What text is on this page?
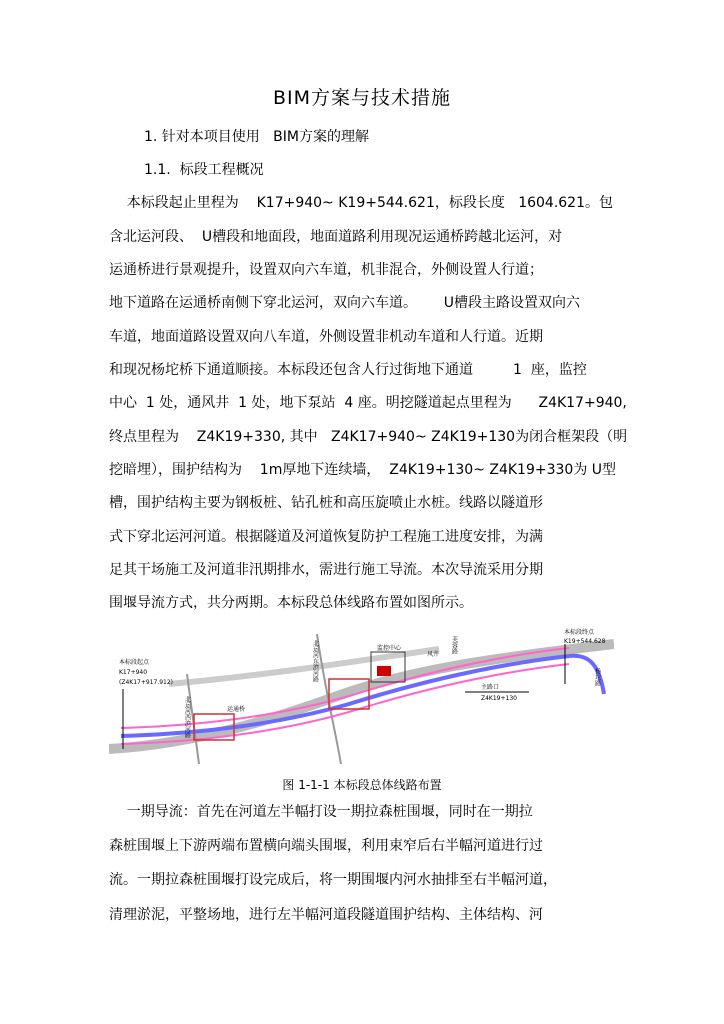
BIM方案与技术措施
1. 针对本项目使用   BIM方案的理解
1.1.  标段工程概况
本标段起止里程为    K17+940~ K19+544.621，标段长度   1604.621。包
含北运河段、  U槽段和地面段，地面道路利用现况运通桥跨越北运河，对
运通桥进行景观提升，设置双向六车道，机非混合，外侧设置人行道；
地下道路在运通桥南侧下穿北运河，双向六车道。      U槽段主路设置双向六
车道，地面道路设置双向八车道，外侧设置非机动车道和人行道。近期
和现况杨坨桥下通道顺接。本标段还包含人行过街地下通道         1  座，监控
中心  1 处，通风井  1 处，地下泵站  4 座。明挖隧道起点里程为      Z4K17+940,
终点里程为    Z4K19+330, 其中   Z4K17+940~ Z4K19+130为闭合框架段（明
挖暗埋），围护结构为    1m厚地下连续墙，  Z4K19+130~ Z4K19+330为 U型
槽，围护结构主要为钢板桩、钻孔桩和高压旋喷止水桩。线路以隧道形
式下穿北运河河道。根据隧道及河道恢复防护工程施工进度安排，为满
足其干场施工及河道非汛期排水，需进行施工导流。本次导流采用分期
围堰导流方式，共分两期。本标段总体线路布置如图所示。
本标段起点
K17+940
(Z4K17+917.912)
本标段终点
K19+544.628
运通桥
监控中心
风井
主路口
Z4K19+130
北运河西滨河路
北运河东滨河路	芙蓉路
杨坨路
图 1-1-1 本标段总体线路布置
一期导流：首先在河道左半幅打设一期拉森桩围堰，同时在一期拉
森桩围堰上下游两端布置横向端头围堰，利用束窄后右半幅河道进行过
流。一期拉森桩围堰打设完成后，将一期围堰内河水抽排至右半幅河道，
清理淤泥，平整场地，进行左半幅河道段隧道围护结构、主体结构、河
